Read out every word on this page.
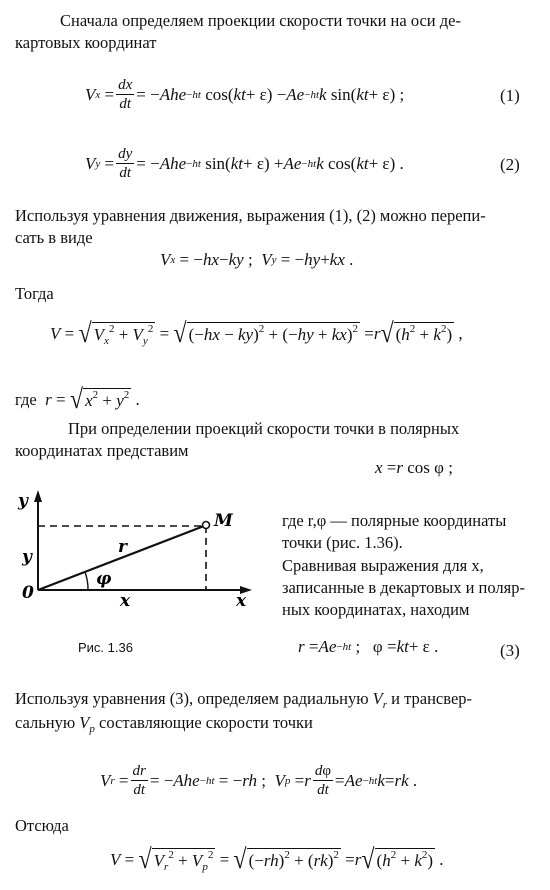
Сначала определяем проекции скорости точки на оси де-
картовых координат
V $x = \frac{dx}{dt}$ = − Ahe −ht cos( kt + ε) − Ae −ht k sin( kt + ε) ;	(1)
V $y = \frac{dy}{dt}$ = − Ahe −ht sin( kt + ε) + Ae −ht k cos( kt + ε) .	(2)
Используя уравнения движения, выражения (1), (2) можно перепи-
сать в виде
V x = − hx − ky ; V y = − hy + kx .
Тогда
V = √ $V_x^2 + V_y^2$ = √ (−hx − ky)$^2$ + (−hy + kx)$^2$ = r √ $(h^2 + k^2)$ ,
где
r = √ $x^2 + y^2$ .
При определении проекций скорости точки в полярных
координатах представим
x = r cos φ ;
y
x
0
M
y
x
r
φ
Рис. 1.36
где r,φ — полярные координаты
точки (рис. 1.36).
Сравнивая выражения для x,
записанные в декартовых и поляр-
ных координатах, находим
r = Ae −ht ;   φ = kt + ε .	(3)
Используя уравнения (3), определяем радиальную $V_r$ и трансвер-
сальную $V_p$ составляющие скорости точки
V $r = \frac{dr}{dt}$ = − Ahe −ht = − rh ; V p = r $\frac{d\varphi}{dt} = Ae -ht$ k = rk .
Отсюда
V = √ $V_r^2 + V_p^2$ = √ $(-rh)^2 + (rk)^2 = r$ √ $(h^2 + k^2)$ .
